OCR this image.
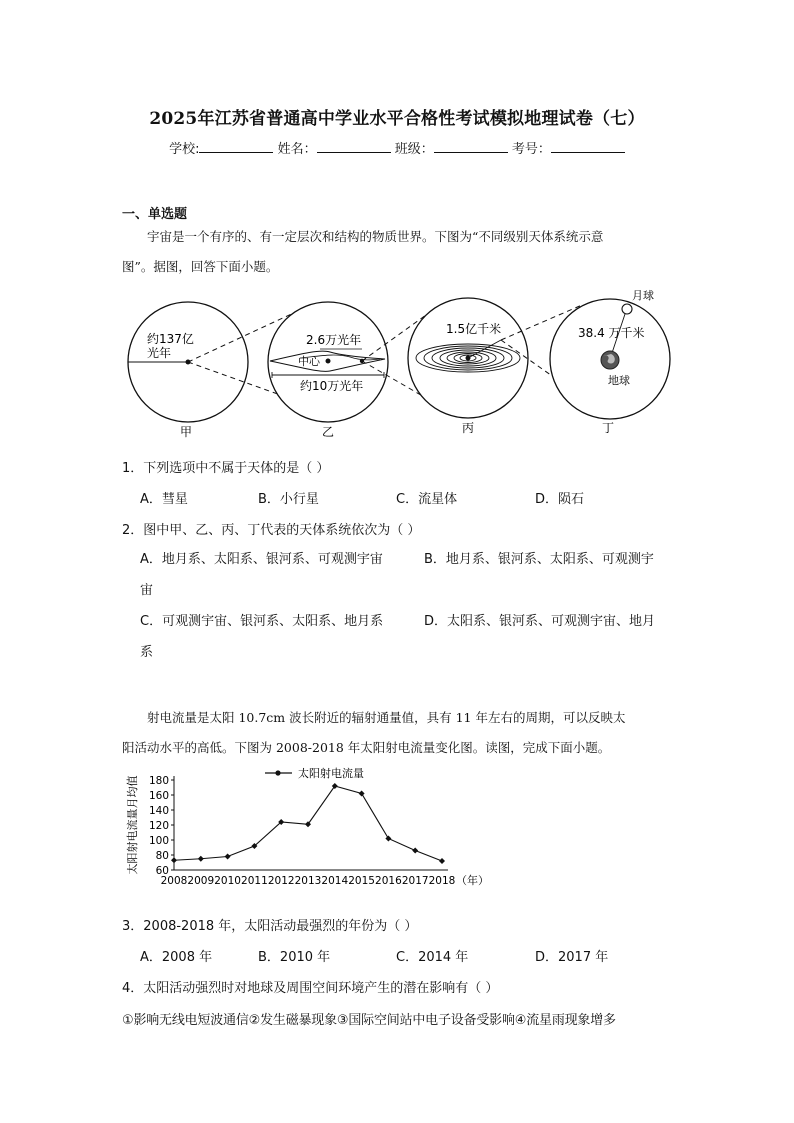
2025年江苏省普通高中学业水平合格性考试模拟地理试卷（七）
学校:	姓名：	班级：	考号：
一、单选题
宇宙是一个有序的、有一定层次和结构的物质世界。下图为“不同级别天体系统示意
图”。据图，回答下面小题。
约137亿
光年
甲
2.6万光年
中心
约10万光年
乙
1.5亿千米
丙
月球
38.4 万千米
地球
丁
1．下列选项中不属于天体的是（ ）
A．彗星	B．小行星	C．流星体	D．陨石
2．图中甲、乙、丙、丁代表的天体系统依次为（ ）
A．地月系、太阳系、银河系、可观测宇宙	B．地月系、银河系、太阳系、可观测宇
宙
C．可观测宇宙、银河系、太阳系、地月系	D．太阳系、银河系、可观测宇宙、地月
系
射电流量是太阳 10.7cm 波长附近的辐射通量值，具有 11 年左右的周期，可以反映太
阳活动水平的高低。下图为 2008-2018 年太阳射电流量变化图。读图，完成下面小题。
太阳射电流量
太阳射电流量月均值
（年）
60
80
100
120
140
160
180
2008 2009 2010 2011 2012 2013 2014 2015 2016 2017 2018
3．2008-2018 年，太阳活动最强烈的年份为（ ）
A．2008 年	B．2010 年	C．2014 年	D．2017 年
4．太阳活动强烈时对地球及周围空间环境产生的潜在影响有（ ）
①影响无线电短波通信②发生磁暴现象③国际空间站中电子设备受影响④流星雨现象增多
